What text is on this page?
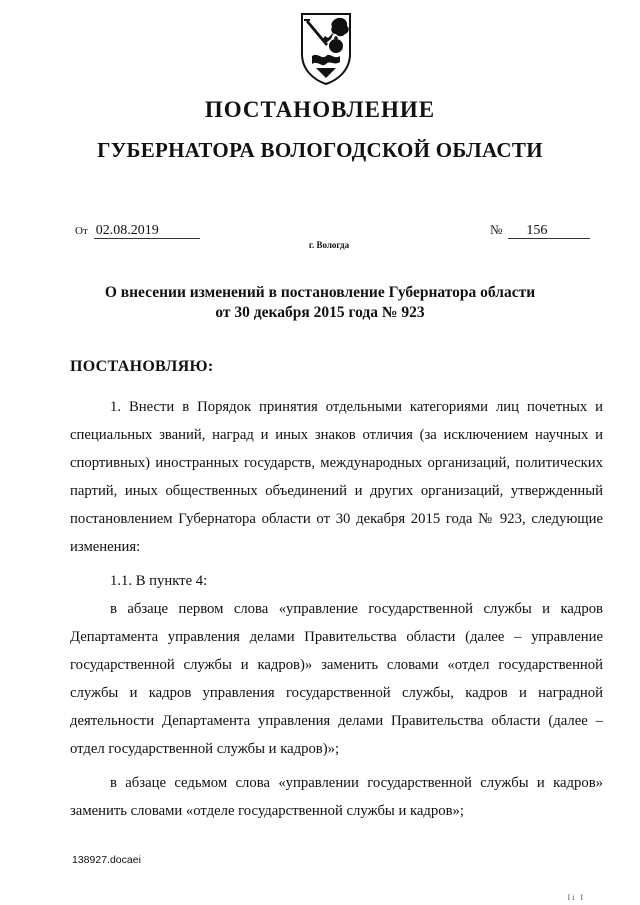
ПОСТАНОВЛЕНИЕ
ГУБЕРНАТОРА ВОЛОГОДСКОЙ ОБЛАСТИ
От 02.08.2019	№ 156
г. Вологда
О внесении изменений в постановление Губернатора области
от 30 декабря 2015 года № 923
ПОСТАНОВЛЯЮ:

1. Внести в Порядок принятия отдельными категориями лиц почетных и специальных званий, наград и иных знаков отличия (за исключением научных и спортивных) иностранных государств, международных организаций, политических партий, иных общественных объединений и других организаций, утвержденный постановлением Губернатора области от 30 декабря 2015 года № 923, следующие изменения:

1.1. В пункте 4:

в абзаце первом слова «управление государственной службы и кадров Департамента управления делами Правительства области (далее – управление государственной службы и кадров)» заменить словами «отдел государственной службы и кадров управления государственной службы, кадров и наградной деятельности Департамента управления делами Правительства области (далее – отдел государственной службы и кадров)»;

в абзаце седьмом слова «управлении государственной службы и кадров» заменить словами «отделе государственной службы и кадров»;

138927.docaei
Ii I
